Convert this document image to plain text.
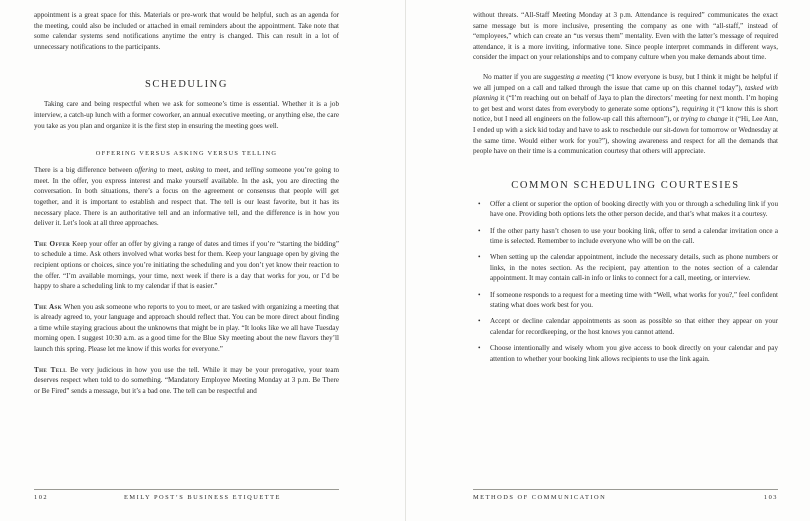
appointment is a great space for this. Materials or pre-work that would be helpful, such as an agenda for the meeting, could also be included or attached in email reminders about the appointment. Take note that some calendar systems send notifications anytime the entry is changed. This can result in a lot of unnecessary notifications to the participants.

SCHEDULING

Taking care and being respectful when we ask for someone’s time is essential. Whether it is a job interview, a catch-up lunch with a former coworker, an annual executive meeting, or anything else, the care you take as you plan and organize it is the first step in ensuring the meeting goes well.

OFFERING VERSUS ASKING VERSUS TELLING

There is a big difference between offering to meet, asking to meet, and telling someone you’re going to meet. In the offer, you express interest and make yourself available. In the ask, you are directing the conversation. In both situations, there’s a focus on the agreement or consensus that people will get together, and it is important to establish and respect that. The tell is our least favorite, but it has its necessary place. There is an authoritative tell and an informative tell, and the difference is in how you deliver it. Let’s look at all three approaches.

The Offer Keep your offer an offer by giving a range of dates and times if you’re “starting the bidding” to schedule a time. Ask others involved what works best for them. Keep your language open by giving the recipient options or choices, since you’re initiating the scheduling and you don’t yet know their reaction to the offer. “I’m available mornings, your time, next week if there is a day that works for you, or I’d be happy to share a scheduling link to my calendar if that is easier.”

The Ask When you ask someone who reports to you to meet, or are tasked with organizing a meeting that is already agreed to, your language and approach should reflect that. You can be more direct about finding a time while staying gracious about the unknowns that might be in play. “It looks like we all have Tuesday morning open. I suggest 10:30 a.m. as a good time for the Blue Sky meeting about the new flavors they’ll launch this spring. Please let me know if this works for everyone.”

The Tell Be very judicious in how you use the tell. While it may be your prerogative, your team deserves respect when told to do something. “Mandatory Employee Meeting Monday at 3 p.m. Be There or Be Fired” sends a message, but it’s a bad one. The tell can be respectful and

102	EMILY POST’S BUSINESS ETIQUETTE

without threats. “All-Staff Meeting Monday at 3 p.m. Attendance is required” communicates the exact same message but is more inclusive, presenting the company as one with “all-staff,” instead of “employees,” which can create an “us versus them” mentality. Even with the latter’s message of required attendance, it is a more inviting, informative tone. Since people interpret commands in different ways, consider the impact on your relationships and to company culture when you make demands about time.

No matter if you are suggesting a meeting (“I know everyone is busy, but I think it might be helpful if we all jumped on a call and talked through the issue that came up on this channel today”), tasked with planning it (“I’m reaching out on behalf of Jaya to plan the directors’ meeting for next month. I’m hoping to get best and worst dates from everybody to generate some options”), requiring it (“I know this is short notice, but I need all engineers on the follow-up call this afternoon”), or trying to change it (“Hi, Lee Ann, I ended up with a sick kid today and have to ask to reschedule our sit-down for tomorrow or Wednesday at the same time. Would either work for you?”), showing awareness and respect for all the demands that people have on their time is a communication courtesy that others will appreciate.

COMMON SCHEDULING COURTESIES
• Offer a client or superior the option of booking directly with you or through a scheduling link if you have one. Providing both options lets the other person decide, and that’s what makes it a courtesy.
• If the other party hasn’t chosen to use your booking link, offer to send a calendar invitation once a time is selected. Remember to include everyone who will be on the call.
• When setting up the calendar appointment, include the necessary details, such as phone numbers or links, in the notes section. As the recipient, pay attention to the notes section of a calendar appointment. It may contain call-in info or links to connect for a call, meeting, or interview.
• If someone responds to a request for a meeting time with “Well, what works for you?,” feel confident stating what does work best for you.
• Accept or decline calendar appointments as soon as possible so that either they appear on your calendar for recordkeeping, or the host knows you cannot attend.
• Choose intentionally and wisely whom you give access to book directly on your calendar and pay attention to whether your booking link allows recipients to use the link again.
METHODS OF COMMUNICATION	103
